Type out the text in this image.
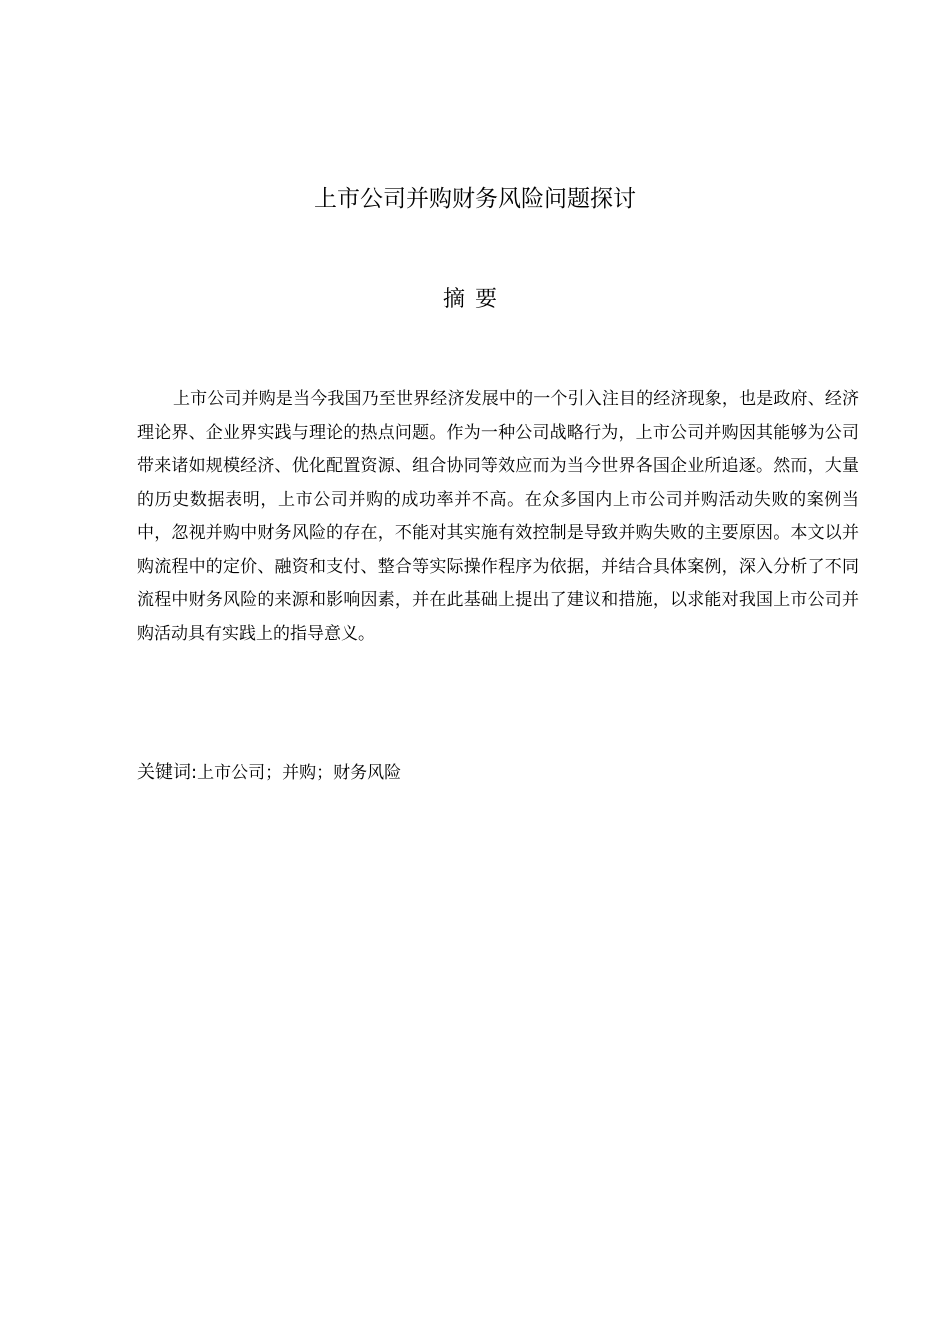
上市公司并购财务风险问题探讨
摘要

上市公司并购是当今我国乃至世界经济发展中的一个引入注目的经济现象，也是政府、经济理论界、企业界实践与理论的热点问题。作为一种公司战略行为，上市公司并购因其能够为公司带来诸如规模经济、优化配置资源、组合协同等效应而为当今世界各国企业所追逐。然而，大量的历史数据表明，上市公司并购的成功率并不高。在众多国内上市公司并购活动失败的案例当中，忽视并购中财务风险的存在，不能对其实施有效控制是导致并购失败的主要原因。本文以并购流程中的定价、融资和支付、整合等实际操作程序为依据，并结合具体案例，深入分析了不同流程中财务风险的来源和影响因素，并在此基础上提出了建议和措施，以求能对我国上市公司并购活动具有实践上的指导意义。

关键词:上市公司；并购；财务风险
